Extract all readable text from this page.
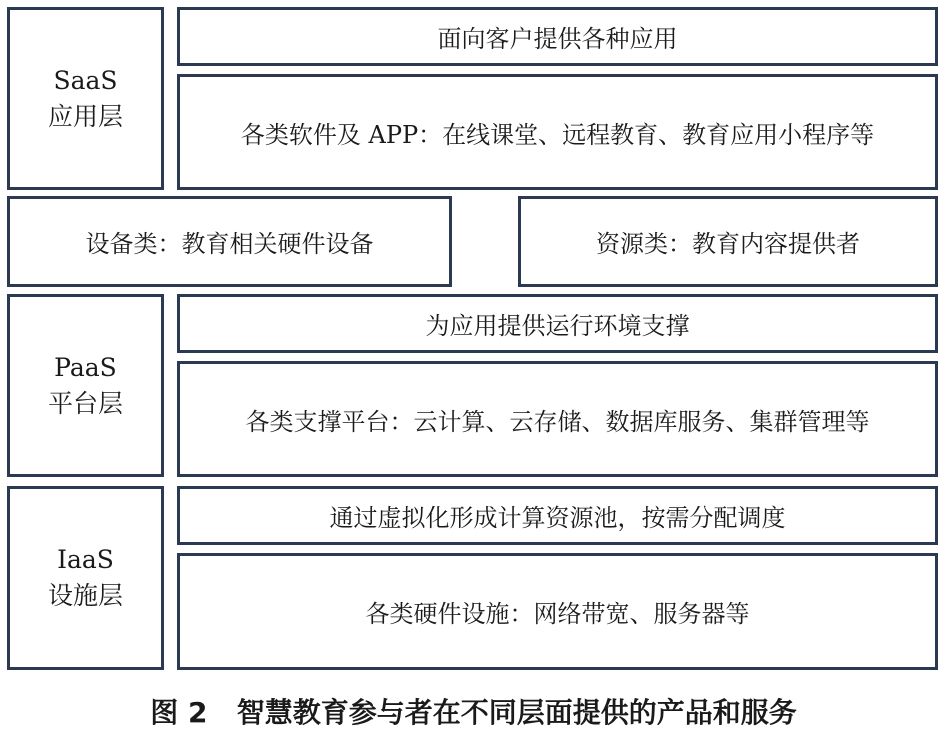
SaaS
应用层
面向客户提供各种应用
各类软件及 APP：在线课堂、远程教育、教育应用小程序等
设备类：教育相关硬件设备	资源类：教育内容提供者
PaaS
平台层
为应用提供运行环境支撑
各类支撑平台：云计算、云存储、数据库服务、集群管理等
IaaS
设施层
通过虚拟化形成计算资源池，按需分配调度
各类硬件设施：网络带宽、服务器等
图 2   智慧教育参与者在不同层面提供的产品和服务
